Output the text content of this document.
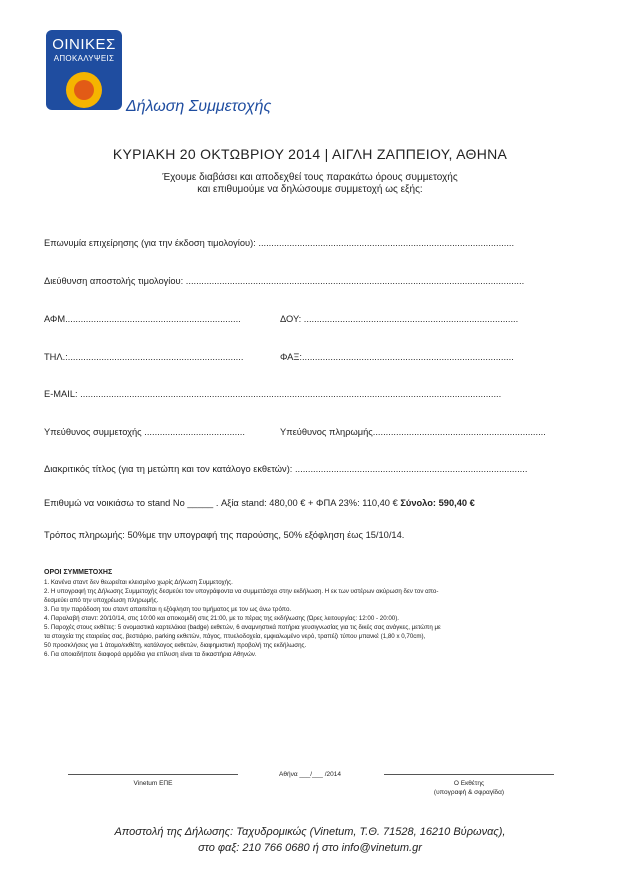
ΟΙΝΙΚΕΣ
ΑΠΟΚΑΛΥΨΕΙΣ
Δήλωση Συμμετοχής
ΚΥΡΙΑΚΗ 20 ΟΚΤΩΒΡΙΟΥ 2014 | ΑΙΓΛΗ ΖΑΠΠΕΙΟΥ, ΑΘΗΝΑ
Έχουμε διαβάσει και αποδεχθεί τους παρακάτω όρους συμμετοχής
και επιθυμούμε να δηλώσουμε συμμετοχή ως εξής:
Επωνυμία επιχείρησης (για την έκδοση τιμολογίου): ...................................................................................................
Διεύθυνση αποστολής τιμολογίου: ...................................................................................................................................
ΑΦΜ....................................................................	ΔΟΥ: ...................................................................................
ΤΗΛ.:....................................................................	ΦΑΞ:..................................................................................
E-MAIL: ...................................................................................................................................................................
Υπεύθυνος συμμετοχής .......................................	Υπεύθυνος πληρωμής...................................................................
Διακριτικός τίτλος (για τη μετώπη και τον κατάλογο εκθετών): ..........................................................................................
Επιθυμώ να νοικιάσω το stand No _____ . Αξία stand: 480,00 € + ΦΠΑ 23%: 110,40 € Σύνολο: 590,40 €
Τρόπος πληρωμής: 50%με την υπογραφή της παρούσης, 50% εξόφληση έως 15/10/14.
ΟΡΟΙ ΣΥΜΜΕΤΟΧΗΣ
1. Κανένα σταντ δεν θεωρείται κλεισμένο χωρίς Δήλωση Συμμετοχής.
2. Η υπογραφή της Δήλωσης Συμμετοχής δεσμεύει τον υπογράφοντα να συμμετάσχει στην εκδήλωση. Η εκ των υστέρων ακύρωση δεν τον απο-
δεσμεύει από την υποχρέωση πληρωμής.
3. Για την παράδοση του σταντ απαιτείται η εξόφληση του τιμήματος με τον ως άνω τρόπο.
4. Παραλαβή σταντ: 20/10/14, στις 10:00 και αποκομιδή στις 21:00, με το πέρας της εκδήλωσης (Ώρες λειτουργίας: 12:00 - 20:00).
5. Παροχές στους εκθέτες: 5 ονομαστικά καρτελάκια (badge) εκθετών, 6 αναμνηστικά ποτήρια γευσιγνωσίας για τις δικές σας ανάγκες, μετώπη με
τα στοιχεία της εταιρείας σας, βεστιάριο, parking εκθετών, πάγος, πτυελοδοχεία, εμφιαλωμένο νερό, τραπέζι τύπου μπανκέ (1,80 x 0,70cm),
50 προσκλήσεις για 1 άτομο/εκθέτη, κατάλογος εκθετών, διαφημιστική προβολή της εκδήλωσης.
6. Για οποιαδήποτε διαφορά αρμόδια για επίλυση είναι τα δικαστήρια Αθηνών.
Vinetum ΕΠΕ
Αθήνα ___/___ /2014
Ο Εκθέτης
(υπογραφή & σφραγίδα)
Αποστολή της Δήλωσης: Ταχυδρομικώς (Vinetum, Τ.Θ. 71528, 16210 Βύρωνας),
στο φαξ: 210 766 0680 ή στο info@vinetum.gr
